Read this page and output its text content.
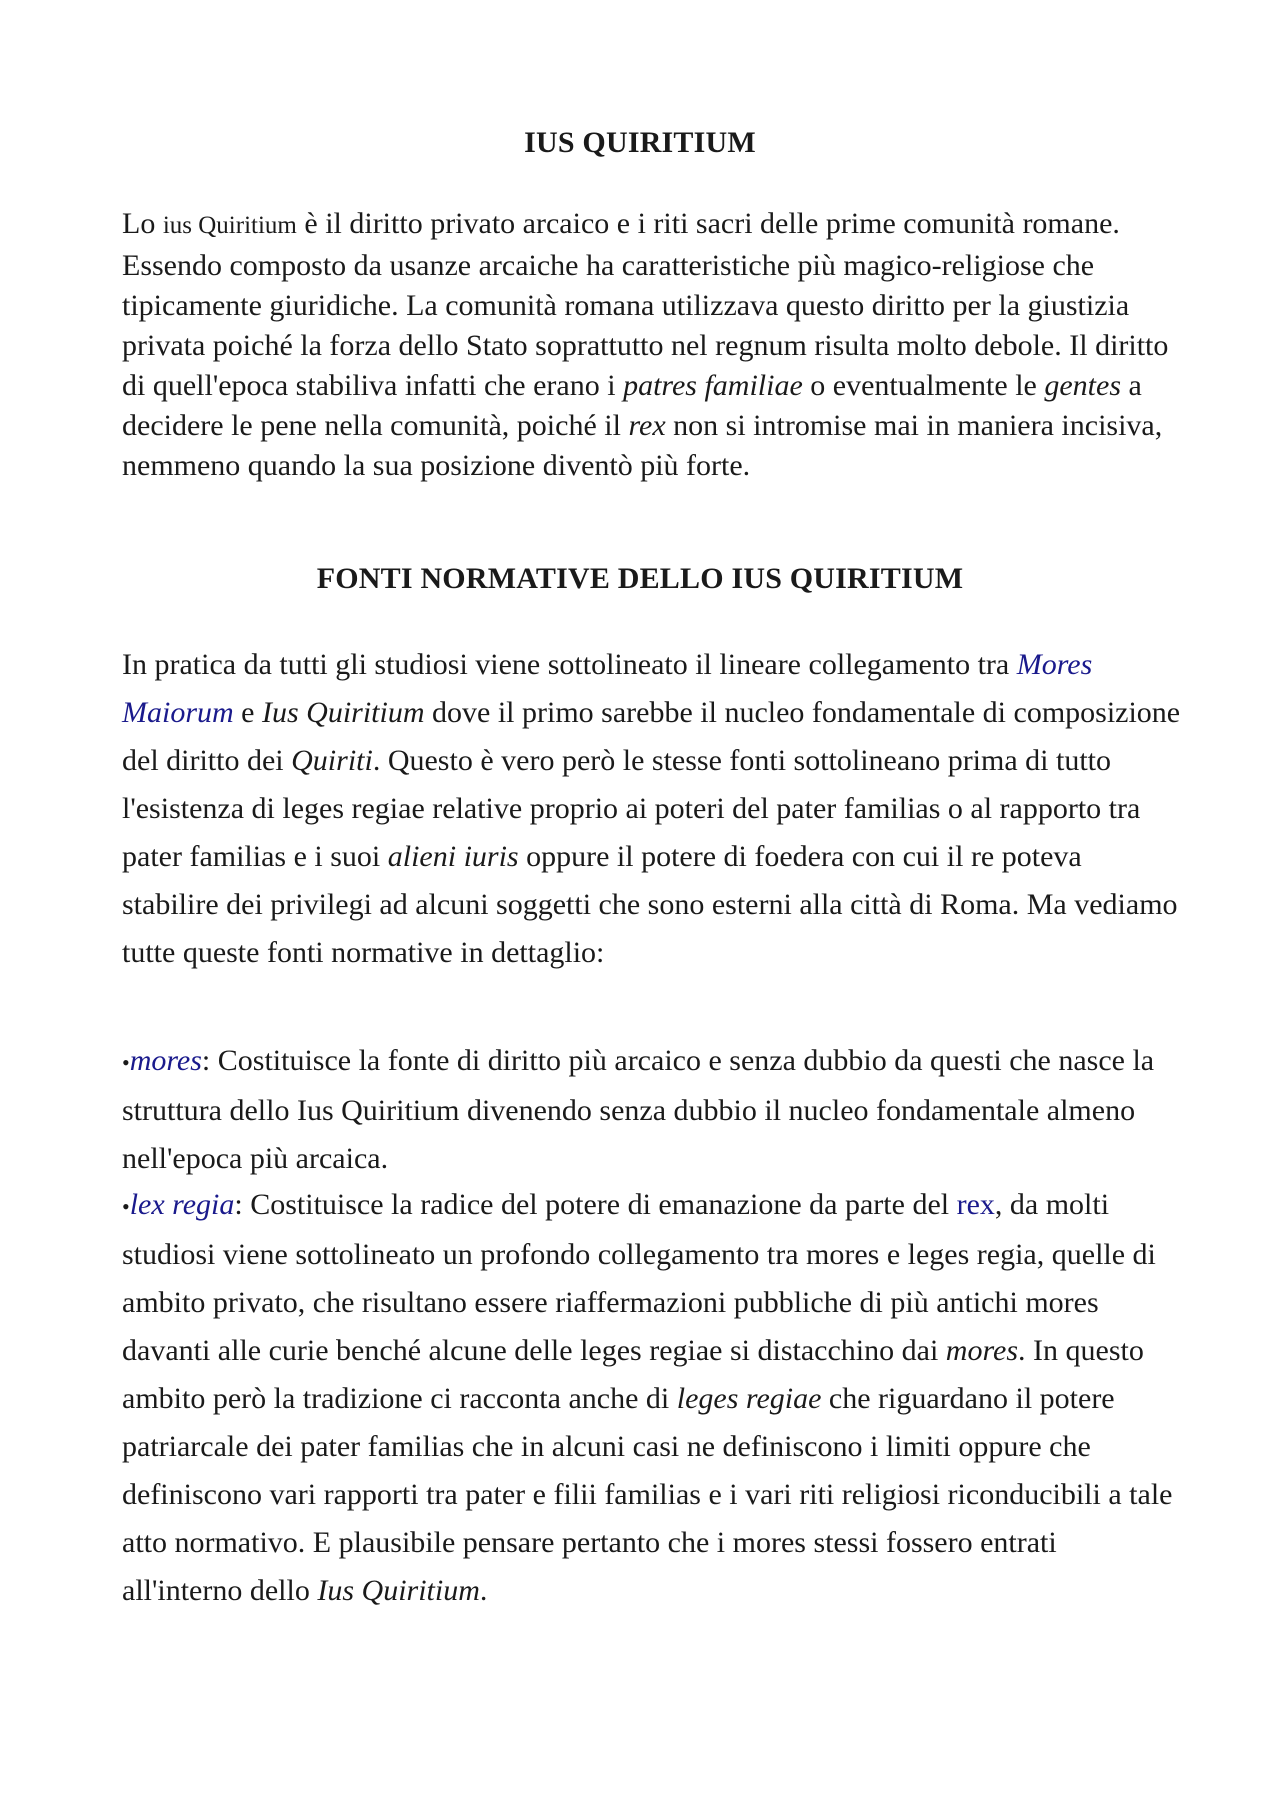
IUS QUIRITIUM

Lo ius Quiritium è il diritto privato arcaico e i riti sacri delle prime comunità romane. Essendo composto da usanze arcaiche ha caratteristiche più magico-religiose che tipicamente giuridiche. La comunità romana utilizzava questo diritto per la giustizia privata poiché la forza dello Stato soprattutto nel regnum risulta molto debole. Il diritto di quell'epoca stabiliva infatti che erano i patres familiae o eventualmente le gentes a decidere le pene nella comunità, poiché il rex non si intromise mai in maniera incisiva, nemmeno quando la sua posizione diventò più forte.

FONTI NORMATIVE DELLO IUS QUIRITIUM

In pratica da tutti gli studiosi viene sottolineato il lineare collegamento tra Mores Maiorum e Ius Quiritium dove il primo sarebbe il nucleo fondamentale di composizione del diritto dei Quiriti. Questo è vero però le stesse fonti sottolineano prima di tutto l'esistenza di leges regiae relative proprio ai poteri del pater familias o al rapporto tra pater familias e i suoi alieni iuris oppure il potere di foedera con cui il re poteva stabilire dei privilegi ad alcuni soggetti che sono esterni alla città di Roma. Ma vediamo tutte queste fonti normative in dettaglio:

•mores: Costituisce la fonte di diritto più arcaico e senza dubbio da questi che nasce la struttura dello Ius Quiritium divenendo senza dubbio il nucleo fondamentale almeno nell'epoca più arcaica.

•lex regia: Costituisce la radice del potere di emanazione da parte del rex, da molti studiosi viene sottolineato un profondo collegamento tra mores e leges regia, quelle di ambito privato, che risultano essere riaffermazioni pubbliche di più antichi mores davanti alle curie benché alcune delle leges regiae si distacchino dai mores. In questo ambito però la tradizione ci racconta anche di leges regiae che riguardano il potere patriarcale dei pater familias che in alcuni casi ne definiscono i limiti oppure che definiscono vari rapporti tra pater e filii familias e i vari riti religiosi riconducibili a tale atto normativo. E plausibile pensare pertanto che i mores stessi fossero entrati all'interno dello Ius Quiritium.
